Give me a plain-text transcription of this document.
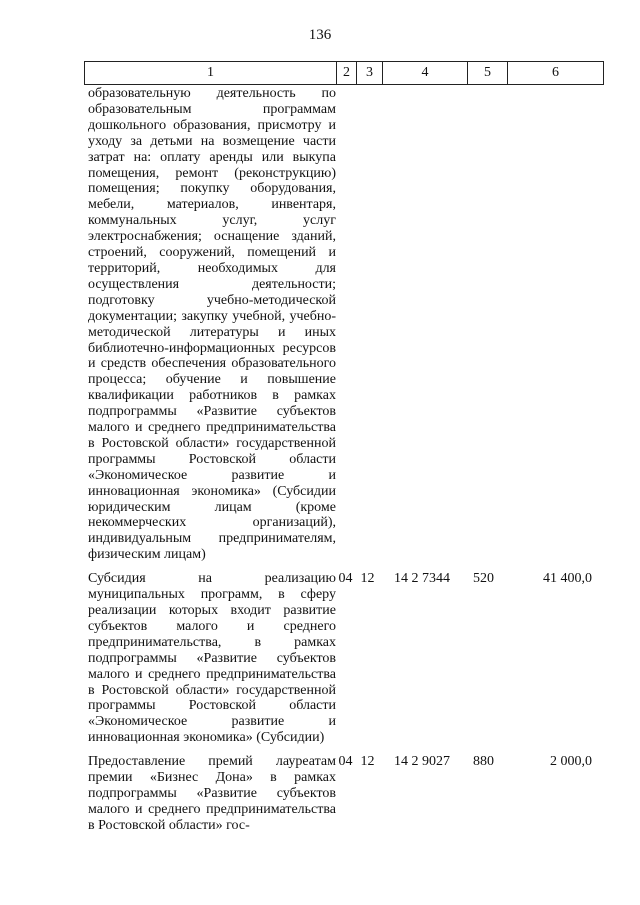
136
1	2	3	4	5	6
образовательную деятельность по образовательным программам дошкольного образования, присмотру и уходу за детьми на возмещение части затрат на: оплату аренды или выкупа помещения, ремонт (реконструкцию) помещения; покупку оборудования, мебели, материалов, инвентаря, коммунальных услуг, услуг электроснабжения; оснащение зданий, строений, сооружений, помещений и территорий, необходимых для осуществления деятельности; подготовку учебно-методической документации; закупку учебной, учебно-методической литературы и иных библиотечно-информационных ресурсов и средств обеспечения образовательного процесса; обучение и повышение квалификации работников в рамках подпрограммы «Развитие субъектов малого и среднего предпринимательства в Ростовской области» государственной программы Ростовской области «Экономическое развитие и инновационная экономика» (Субсидии юридическим лицам (кроме некоммерческих организаций), индивидуальным предпринимателям, физическим лицам)					

Субсидия на реализацию муниципальных программ, в сферу реализации которых входит развитие субъектов малого и среднего предпринимательства, в рамках подпрограммы «Развитие субъектов малого и среднего предпринимательства в Ростовской области» государственной программы Ростовской области «Экономическое развитие и инновационная экономика» (Субсидии)	04	12	14 2 7344	520	41 400,0

Предоставление премий лауреатам премии «Бизнес Дона» в рамках подпрограммы «Развитие субъектов малого и среднего предпринимательства в Ростовской области» гос-	04	12	14 2 9027	880	2 000,0
